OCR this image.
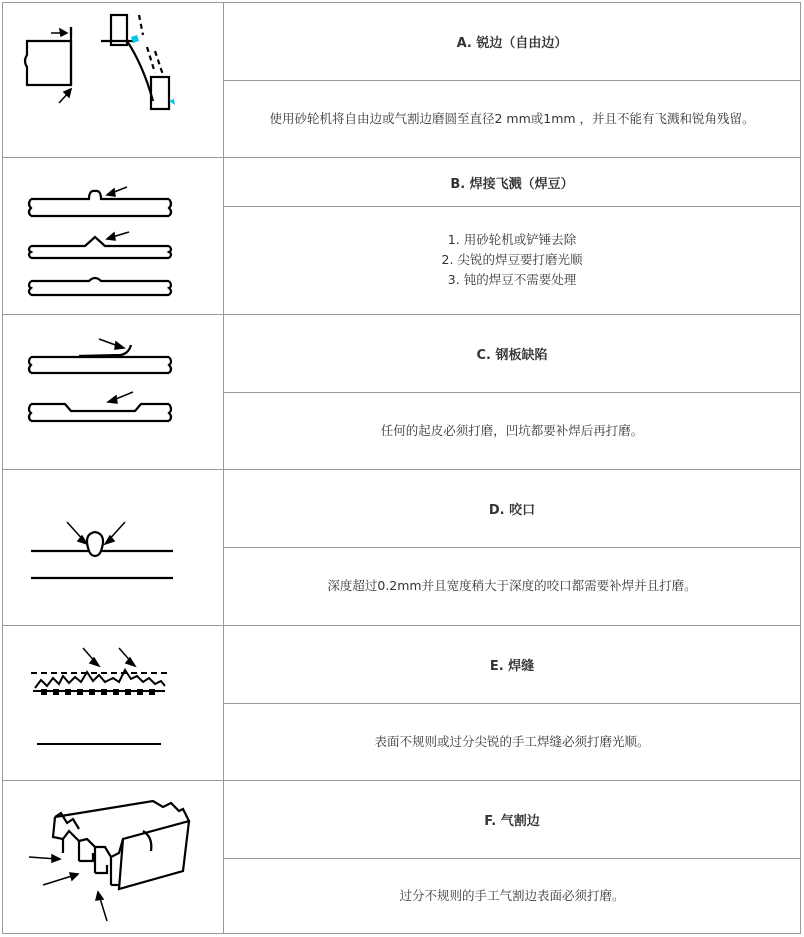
A. 锐边（自由边）
使用砂轮机将自由边或气割边磨圆至直径2 mm或1mm ，并且不能有飞溅和锐角残留。
B. 焊接飞溅（焊豆）
1. 用砂轮机或铲锤去除
2. 尖锐的焊豆要打磨光顺
3. 钝的焊豆不需要处理
C. 钢板缺陷
任何的起皮必须打磨，凹坑都要补焊后再打磨。
D. 咬口
深度超过0.2mm并且宽度稍大于深度的咬口都需要补焊并且打磨。
E. 焊缝
表面不规则或过分尖锐的手工焊缝必须打磨光顺。
F. 气割边
过分不规则的手工气割边表面必须打磨。
